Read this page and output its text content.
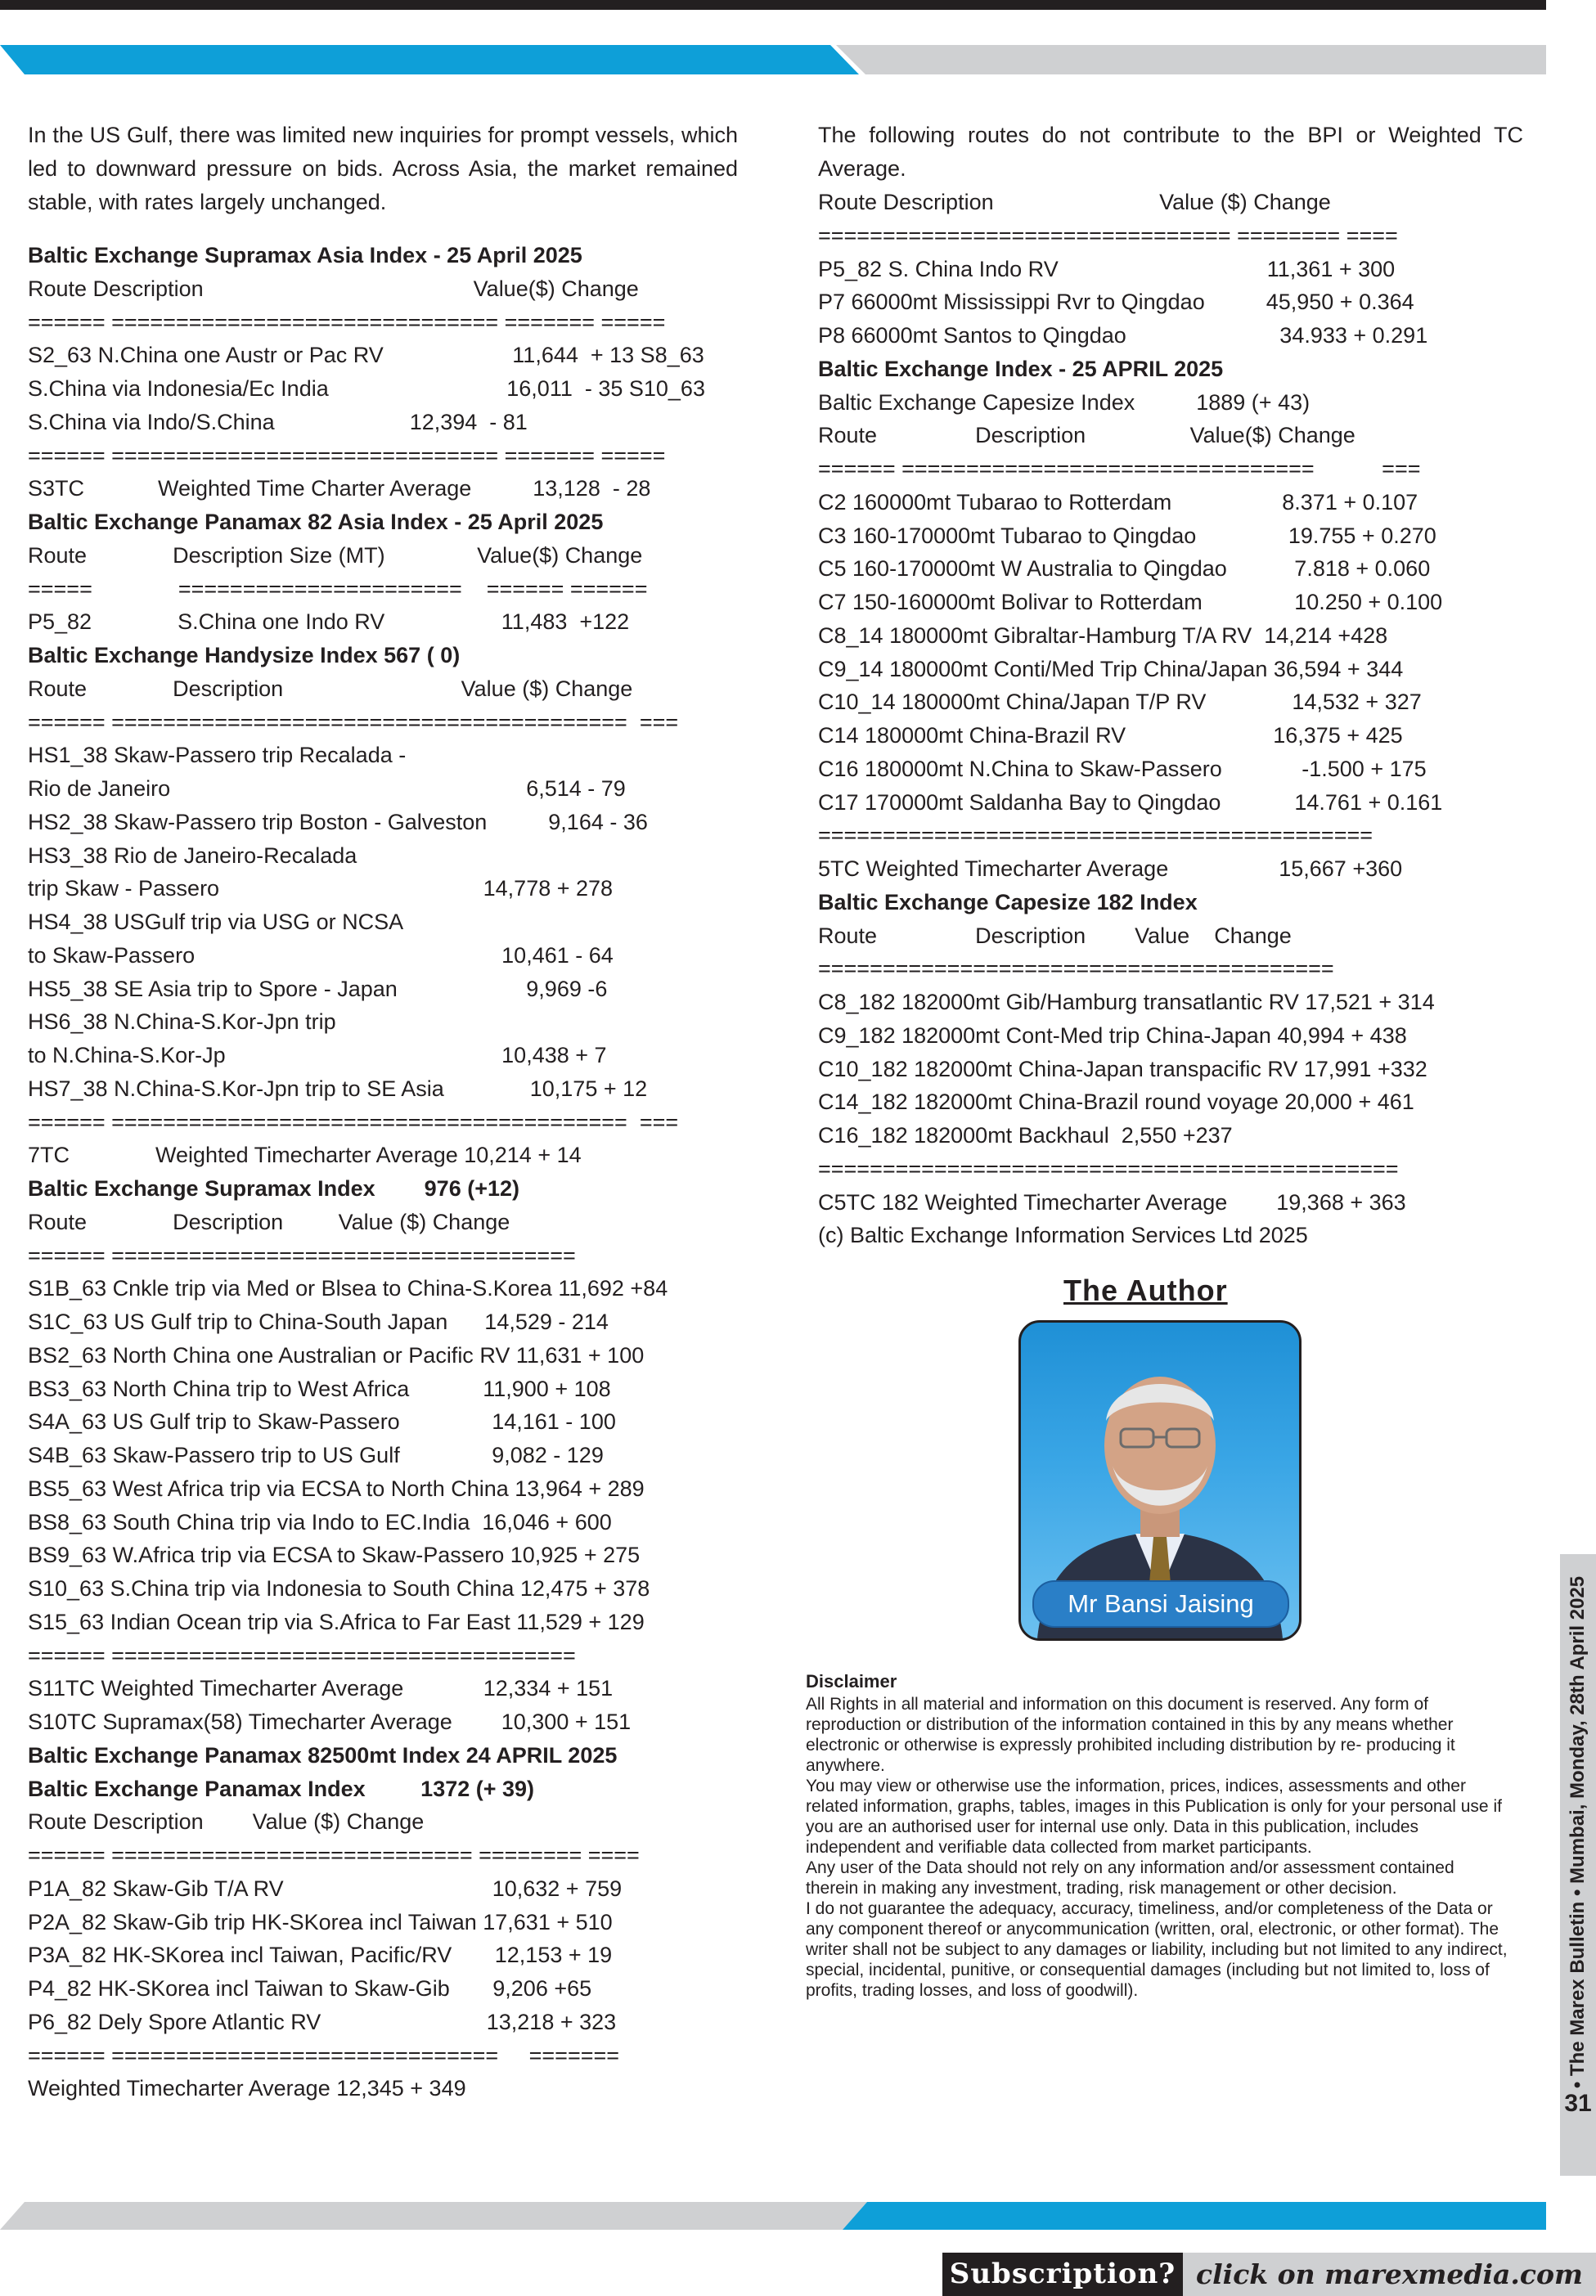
In the US Gulf, there was limited new inquiries for prompt vessels, which led to downward pressure on bids. Across Asia, the market remained stable, with rates largely unchanged.
The following routes do not contribute to the BPI or Weighted TC Average.
Baltic Exchange Supramax Asia Index - 25 April 2025
Route Description                                            Value($) Change
====== ============================== ======= =====
S2_63 N.China one Austr or Pac RV                     11,644  + 13 S8_63
S.China via Indonesia/Ec India                             16,011  - 35 S10_63
S.China via Indo/S.China                      12,394  - 81
====== ============================== ======= =====
S3TC            Weighted Time Charter Average          13,128  - 28
Baltic Exchange Panamax 82 Asia Index - 25 April 2025
Route              Description Size (MT)               Value($) Change
=====              ======================    ====== ======
P5_82              S.China one Indo RV                   11,483  +122
Baltic Exchange Handysize Index 567 ( 0)
Route              Description                             Value ($) Change
====== ========================================  ===
HS1_38 Skaw-Passero trip Recalada -
Rio de Janeiro                                                          6,514 - 79
HS2_38 Skaw-Passero trip Boston - Galveston          9,164 - 36
HS3_38 Rio de Janeiro-Recalada
trip Skaw - Passero                                           14,778 + 278
HS4_38 USGulf trip via USG or NCSA
to Skaw-Passero                                                  10,461 - 64
HS5_38 SE Asia trip to Spore - Japan                     9,969 -6
HS6_38 N.China-S.Kor-Jpn trip
to N.China-S.Kor-Jp                                             10,438 + 7
HS7_38 N.China-S.Kor-Jpn trip to SE Asia              10,175 + 12
====== ========================================  ===
7TC              Weighted Timecharter Average 10,214 + 14
Baltic Exchange Supramax Index        976 (+12)
Route              Description         Value ($) Change
====== ====================================
S1B_63 Cnkle trip via Med or Blsea to China-S.Korea 11,692 +84
S1C_63 US Gulf trip to China-South Japan      14,529 - 214
BS2_63 North China one Australian or Pacific RV 11,631 + 100
BS3_63 North China trip to West Africa            11,900 + 108
S4A_63 US Gulf trip to Skaw-Passero               14,161 - 100
S4B_63 Skaw-Passero trip to US Gulf               9,082 - 129
BS5_63 West Africa trip via ECSA to North China 13,964 + 289
BS8_63 South China trip via Indo to EC.India  16,046 + 600
BS9_63 W.Africa trip via ECSA to Skaw-Passero 10,925 + 275
S10_63 S.China trip via Indonesia to South China 12,475 + 378
S15_63 Indian Ocean trip via S.Africa to Far East 11,529 + 129
====== ====================================
S11TC Weighted Timecharter Average             12,334 + 151
S10TC Supramax(58) Timecharter Average        10,300 + 151
Baltic Exchange Panamax 82500mt Index 24 APRIL 2025
Baltic Exchange Panamax Index         1372 (+ 39)
Route Description        Value ($) Change
====== ============================ ======== ====
P1A_82 Skaw-Gib T/A RV                                  10,632 + 759
P2A_82 Skaw-Gib trip HK-SKorea incl Taiwan 17,631 + 510
P3A_82 HK-SKorea incl Taiwan, Pacific/RV       12,153 + 19
P4_82 HK-SKorea incl Taiwan to Skaw-Gib       9,206 +65
P6_82 Dely Spore Atlantic RV                           13,218 + 323
====== ==============================     =======
Weighted Timecharter Average 12,345 + 349
Route Description                           Value ($) Change
================================ ======== ====
P5_82 S. China Indo RV                                  11,361 + 300
P7 66000mt Mississippi Rvr to Qingdao          45,950 + 0.364
P8 66000mt Santos to Qingdao                         34.933 + 0.291
Baltic Exchange Index - 25 APRIL 2025
Baltic Exchange Capesize Index          1889 (+ 43)
Route                Description                 Value($) Change
====== ================================           ===
C2 160000mt Tubarao to Rotterdam                  8.371 + 0.107
C3 160-170000mt Tubarao to Qingdao               19.755 + 0.270
C5 160-170000mt W Australia to Qingdao           7.818 + 0.060
C7 150-160000mt Bolivar to Rotterdam               10.250 + 0.100
C8_14 180000mt Gibraltar-Hamburg T/A RV  14,214 +428
C9_14 180000mt Conti/Med Trip China/Japan 36,594 + 344
C10_14 180000mt China/Japan T/P RV              14,532 + 327
C14 180000mt China-Brazil RV                        16,375 + 425
C16 180000mt N.China to Skaw-Passero             -1.500 + 175
C17 170000mt Saldanha Bay to Qingdao            14.761 + 0.161
===========================================
5TC Weighted Timecharter Average                  15,667 +360
Baltic Exchange Capesize 182 Index
Route                Description        Value    Change
========================================
C8_182 182000mt Gib/Hamburg transatlantic RV 17,521 + 314
C9_182 182000mt Cont-Med trip China-Japan 40,994 + 438
C10_182 182000mt China-Japan transpacific RV 17,991 +332
C14_182 182000mt China-Brazil round voyage 20,000 + 461
C16_182 182000mt Backhaul  2,550 +237
=============================================
C5TC 182 Weighted Timecharter Average        19,368 + 363
(c) Baltic Exchange Information Services Ltd 2025
The Author
Mr Bansi Jaising
Disclaimer
All Rights in all material and information on this document is reserved. Any form of reproduction or distribution of the information contained in this by any means whether electronic or otherwise is expressly prohibited including distribution by re- producing it anywhere.
You may view or otherwise use the information, prices, indices, assessments and other related information, graphs, tables, images in this Publication is only for your personal use if you are an authorised user for internal use only. Data in this publication, includes independent and verifiable data collected from market participants.
Any user of the Data should not rely on any information and/or assessment contained therein in making any investment, trading, risk management or other decision.
I do not guarantee the adequacy, accuracy, timeliness, and/or completeness of the Data or any component thereof or anycommunication (written, oral, electronic, or other format). The writer shall not be subject to any damages or liability, including but not limited to any indirect, special, incidental, punitive, or consequential damages (including but not limited to, loss of profits, trading losses, and loss of goodwill).	• The Marex Bulletin • Mumbai, Monday, 28th April 2025
31
Subscription? click on marexmedia.com
